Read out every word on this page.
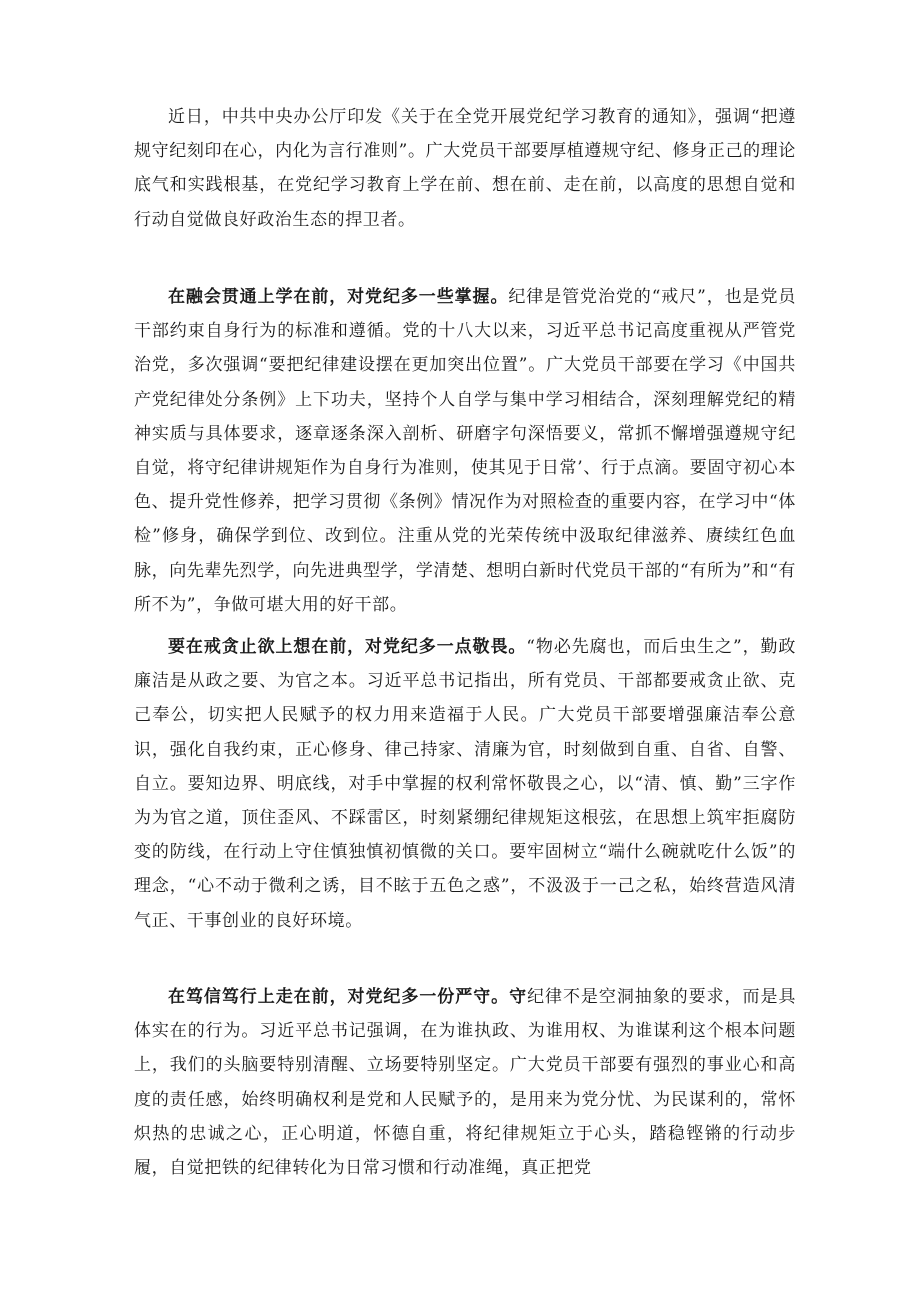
近日，中共中央办公厅印发《关于在全党开展党纪学习教育的通知》，强调“把遵规守纪刻印在心，内化为言行准则”。广大党员干部要厚植遵规守纪、修身正己的理论底气和实践根基，在党纪学习教育上学在前、想在前、走在前，以高度的思想自觉和行动自觉做良好政治生态的捍卫者。

在融会贯通上学在前，对党纪多一些掌握。纪律是管党治党的“戒尺”，也是党员干部约束自身行为的标准和遵循。党的十八大以来，习近平总书记高度重视从严管党治党，多次强调“要把纪律建设摆在更加突出位置”。广大党员干部要在学习《中国共产党纪律处分条例》上下功夫，坚持个人自学与集中学习相结合，深刻理解党纪的精神实质与具体要求，逐章逐条深入剖析、研磨字句深悟要义，常抓不懈增强遵规守纪自觉，将守纪律讲规矩作为自身行为准则，使其见于日常’、行于点滴。要固守初心本色、提升党性修养，把学习贯彻《条例》情况作为对照检查的重要内容，在学习中“体检”修身，确保学到位、改到位。注重从党的光荣传统中汲取纪律滋养、赓续红色血脉，向先辈先烈学，向先进典型学，学清楚、想明白新时代党员干部的“有所为”和“有所不为”，争做可堪大用的好干部。

要在戒贪止欲上想在前，对党纪多一点敬畏。“物必先腐也，而后虫生之”，勤政廉洁是从政之要、为官之本。习近平总书记指出，所有党员、干部都要戒贪止欲、克己奉公，切实把人民赋予的权力用来造福于人民。广大党员干部要增强廉洁奉公意识，强化自我约束，正心修身、律己持家、清廉为官，时刻做到自重、自省、自警、自立。要知边界、明底线，对手中掌握的权利常怀敬畏之心，以“清、慎、勤”三字作为为官之道，顶住歪风、不踩雷区，时刻紧绷纪律规矩这根弦，在思想上筑牢拒腐防变的防线，在行动上守住慎独慎初慎微的关口。要牢固树立“端什么碗就吃什么饭”的理念，“心不动于微利之诱，目不眩于五色之惑”，不汲汲于一己之私，始终营造风清气正、干事创业的良好环境。

在笃信笃行上走在前，对党纪多一份严守。守纪律不是空洞抽象的要求，而是具体实在的行为。习近平总书记强调，在为谁执政、为谁用权、为谁谋利这个根本问题上，我们的头脑要特别清醒、立场要特别坚定。广大党员干部要有强烈的事业心和高度的责任感，始终明确权利是党和人民赋予的，是用来为党分忧、为民谋利的，常怀炽热的忠诚之心，正心明道，怀德自重，将纪律规矩立于心头，踏稳铿锵的行动步履，自觉把铁的纪律转化为日常习惯和行动准绳，真正把党
